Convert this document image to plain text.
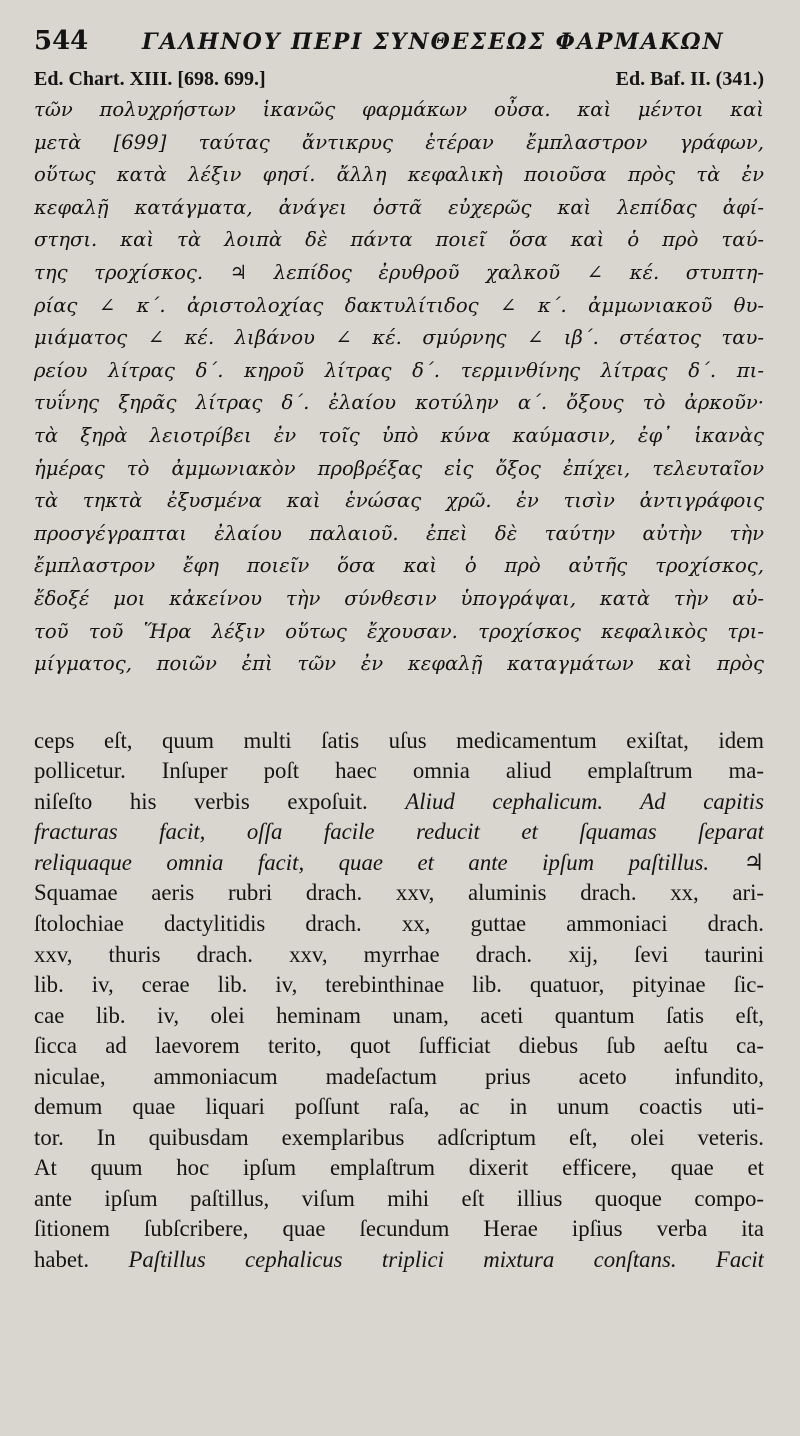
544	ΓΑΛΗΝΟΥ ΠΕΡΙ ΣΥΝΘΕΣΕΩΣ ΦΑΡΜΑΚΩΝ
Ed. Chart. XIII. [698. 699.]	Ed. Baf. II. (341.)
τῶν πολυχρήστων ἱκανῶς φαρμάκων οὖσα. καὶ μέντοι καὶ
μετὰ [699] ταύτας ἄντικρυς ἑτέραν ἔμπλαστρον γράφων,
οὕτως κατὰ λέξιν φησί. ἄλλη κεφαλικὴ ποιοῦσα πρὸς τὰ ἐν
κεφαλῇ κατάγματα, ἀνάγει ὀστᾶ εὐχερῶς καὶ λεπίδας ἀφί-
στησι. καὶ τὰ λοιπὰ δὲ πάντα ποιεῖ ὅσα καὶ ὁ πρὸ ταύ-
της τροχίσκος. ♃ λεπίδος ἐρυθροῦ χαλκοῦ ∠ κέ. στυπτη-
ρίας ∠ κ΄. ἀριστολοχίας δακτυλίτιδος ∠ κ΄. ἀμμωνιακοῦ θυ-
μιάματος ∠ κέ. λιβάνου ∠ κέ. σμύρνης ∠ ιβ΄. στέατος ταυ-
ρείου λίτρας δ΄. κηροῦ λίτρας δ΄. τερμινθίνης λίτρας δ΄. πι-
τυΐνης ξηρᾶς λίτρας δ΄. ἐλαίου κοτύλην α΄. ὄξους τὸ ἀρκοῦν·
τὰ ξηρὰ λειοτρίβει ἐν τοῖς ὑπὸ κύνα καύμασιν, ἐφ᾽ ἱκανὰς
ἡμέρας τὸ ἀμμωνιακὸν προβρέξας εἰς ὄξος ἐπίχει, τελευταῖον
τὰ τηκτὰ ἐξυσμένα καὶ ἑνώσας χρῶ. ἐν τισὶν ἀντιγράφοις
προσγέγραπται ἐλαίου παλαιοῦ. ἐπεὶ δὲ ταύτην αὐτὴν τὴν
ἔμπλαστρον ἔφη ποιεῖν ὅσα καὶ ὁ πρὸ αὐτῆς τροχίσκος,
ἔδοξέ μοι κἀκείνου τὴν σύνθεσιν ὑπογράψαι, κατὰ τὴν αὐ-
τοῦ τοῦ Ἥρα λέξιν οὕτως ἔχουσαν. τροχίσκος κεφαλικὸς τρι-
μίγματος, ποιῶν ἐπὶ τῶν ἐν κεφαλῇ καταγμάτων καὶ πρὸς
ceps eſt, quum multi ſatis uſus medicamentum exiſtat, idem
pollicetur. Inſuper poſt haec omnia aliud emplaſtrum ma-
niſeſto his verbis expoſuit. Aliud cephalicum. Ad capitis
fracturas facit, oſſa facile reducit et ſquamas ſeparat
reliquaque omnia facit, quae et ante ipſum paſtillus. ♃
Squamae aeris rubri drach. xxv, aluminis drach. xx, ari-
ſtolochiae dactylitidis drach. xx, guttae ammoniaci drach.
xxv, thuris drach. xxv, myrrhae drach. xij, ſevi taurini
lib. iv, cerae lib. iv, terebinthinae lib. quatuor, pityinae ſic-
cae lib. iv, olei heminam unam, aceti quantum ſatis eſt,
ſicca ad laevorem terito, quot ſufficiat diebus ſub aeſtu ca-
niculae, ammoniacum madeſactum prius aceto infundito,
demum quae liquari poſſunt raſa, ac in unum coactis uti-
tor. In quibusdam exemplaribus adſcriptum eſt, olei veteris.
At quum hoc ipſum emplaſtrum dixerit efficere, quae et
ante ipſum paſtillus, viſum mihi eſt illius quoque compo-
ſitionem ſubſcribere, quae ſecundum Herae ipſius verba ita
habet. Paſtillus cephalicus triplici mixtura conſtans. Facit
